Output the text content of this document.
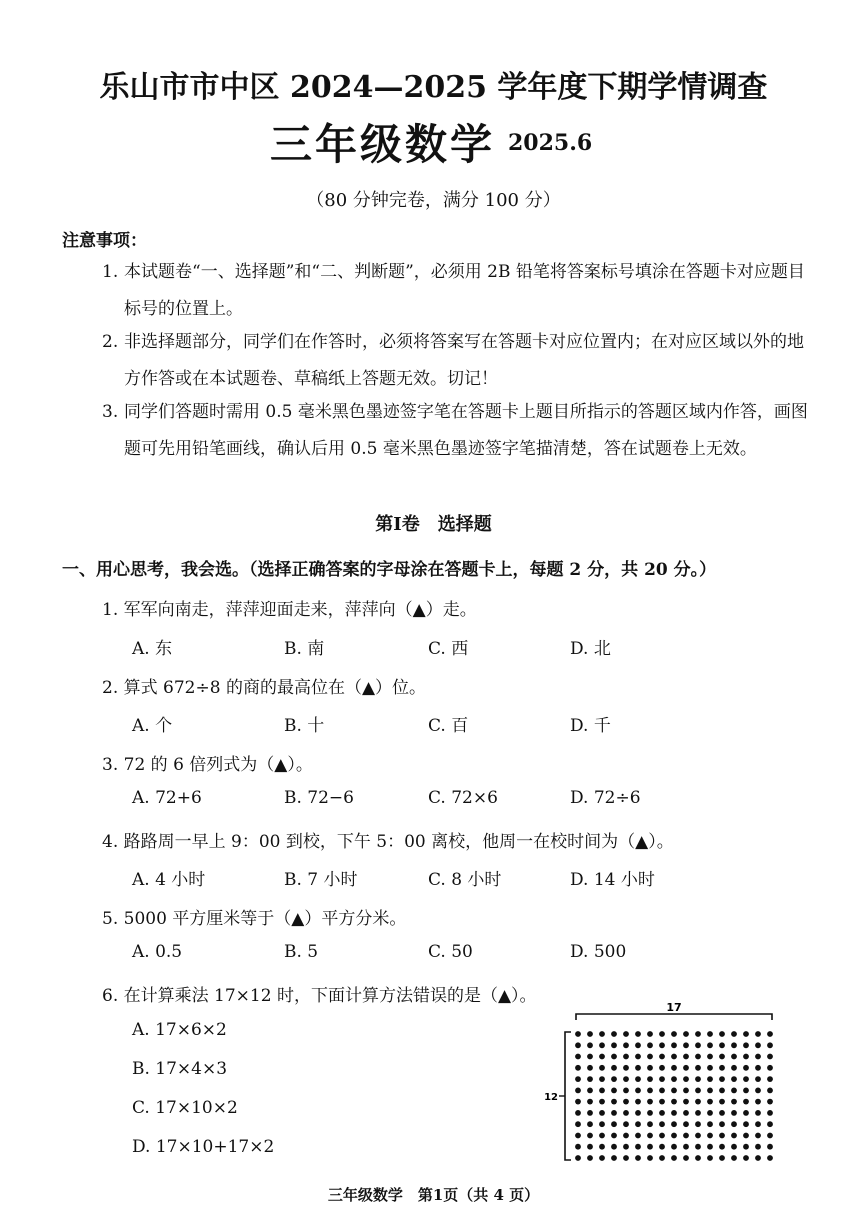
乐山市市中区 2024—2025 学年度下期学情调查
三年级数学 2025.6
（80 分钟完卷，满分 100 分）
注意事项：
1. 本试题卷“一、选择题”和“二、判断题”，必须用 2B 铅笔将答案标号填涂在答题卡对应题目标号的位置上。
2. 非选择题部分，同学们在作答时，必须将答案写在答题卡对应位置内；在对应区域以外的地方作答或在本试题卷、草稿纸上答题无效。切记！
3. 同学们答题时需用 0.5 毫米黑色墨迹签字笔在答题卡上题目所指示的答题区域内作答，画图题可先用铅笔画线，确认后用 0.5 毫米黑色墨迹签字笔描清楚，答在试题卷上无效。
第Ⅰ卷　选择题
一、用心思考，我会选。（选择正确答案的字母涂在答题卡上，每题 2 分，共 20 分。）
1. 军军向南走，萍萍迎面走来，萍萍向（▲）走。
A. 东	B. 南	C. 西	D. 北
2. 算式 672÷8 的商的最高位在（▲）位。
A. 个	B. 十	C. 百	D. 千
3. 72 的 6 倍列式为（▲）。
A. 72+6	B. 72−6	C. 72×6	D. 72÷6
4. 路路周一早上 9：00 到校，下午 5：00 离校，他周一在校时间为（▲）。
A. 4 小时	B. 7 小时	C. 8 小时	D. 14 小时
5. 5000 平方厘米等于（▲）平方分米。
A. 0.5	B. 5	C. 50	D. 500
6. 在计算乘法 17×12 时，下面计算方法错误的是（▲）。
A. 17×6×2
B. 17×4×3
C. 17×10×2
D. 17×10+17×2
17
12
三年级数学　第1页（共 4 页）
